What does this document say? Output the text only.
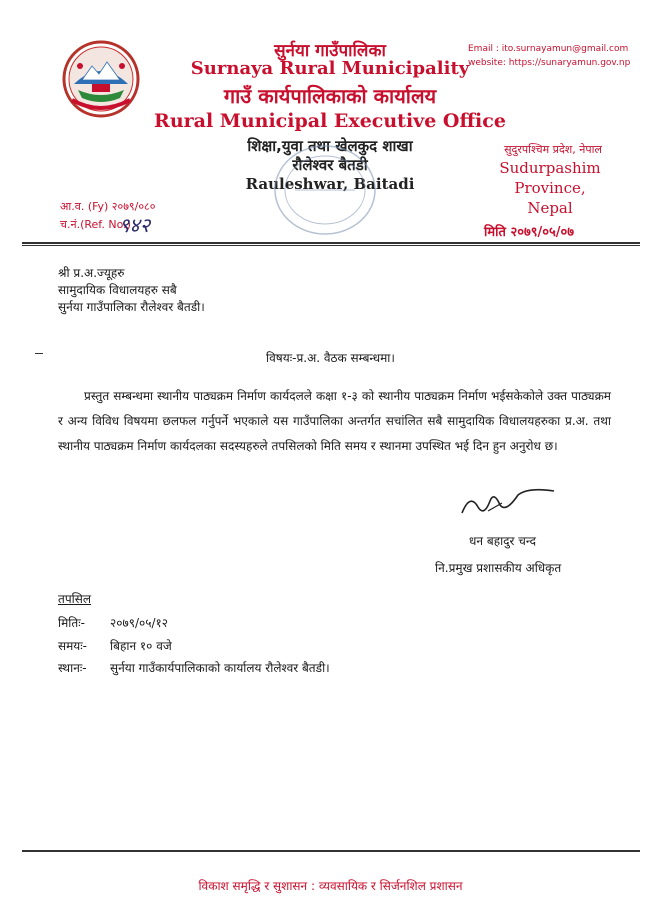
सुर्नया गाउँपालिका
Surnaya Rural Municipality
गाउँ कार्यपालिकाको कार्यालय
Rural Municipal Executive Office
शिक्षा,युवा तथा खेलकुद शाखा
रौलेश्वर बैतडी
Rauleshwar, Baitadi
Email : ito.surnayamun@gmail.com
website: https://sunaryamun.gov.np
सुदुरपश्चिम प्रदेश, नेपाल
Sudurpashim Province,
Nepal
आ.व. (Fy) २०७९/०८०
च.नं.(Ref. No.)
९४२	मिति २०७९/०५/०७
श्री प्र.अ.ज्यूहरु
सामुदायिक विधालयहरु सबै
सुर्नया गाउँपालिका रौलेश्वर बैतडी।
विषयः-प्र.अ. वैठक सम्बन्धमा।
प्रस्तुत सम्बन्धमा स्थानीय पाठ्यक्रम निर्माण कार्यदलले कक्षा १-३ को स्थानीय पाठ्यक्रम निर्माण भईसकेकोले उक्त पाठ्यक्रम र अन्य विविध विषयमा छलफल गर्नुपर्ने भएकाले यस गाउँपालिका अन्तर्गत सचांलित सबै सामुदायिक विधालयहरुका प्र.अ. तथा स्थानीय पाठ्यक्रम निर्माण कार्यदलका सदस्यहरुले तपसिलको मिति समय र स्थानमा उपस्थित भई दिन हुन अनुरोध छ।
धन बहादुर चन्द
नि.प्रमुख प्रशासकीय अधिकृत
तपसिल
मितिः- २०७९/०५/१२
समयः- बिहान १० वजे
स्थानः- सुर्नया गाउँकार्यपालिकाको कार्यालय रौलेश्वर बैतडी।
विकाश समृद्धि र सुशासन : व्यवसायिक र सिर्जनशिल प्रशासन
